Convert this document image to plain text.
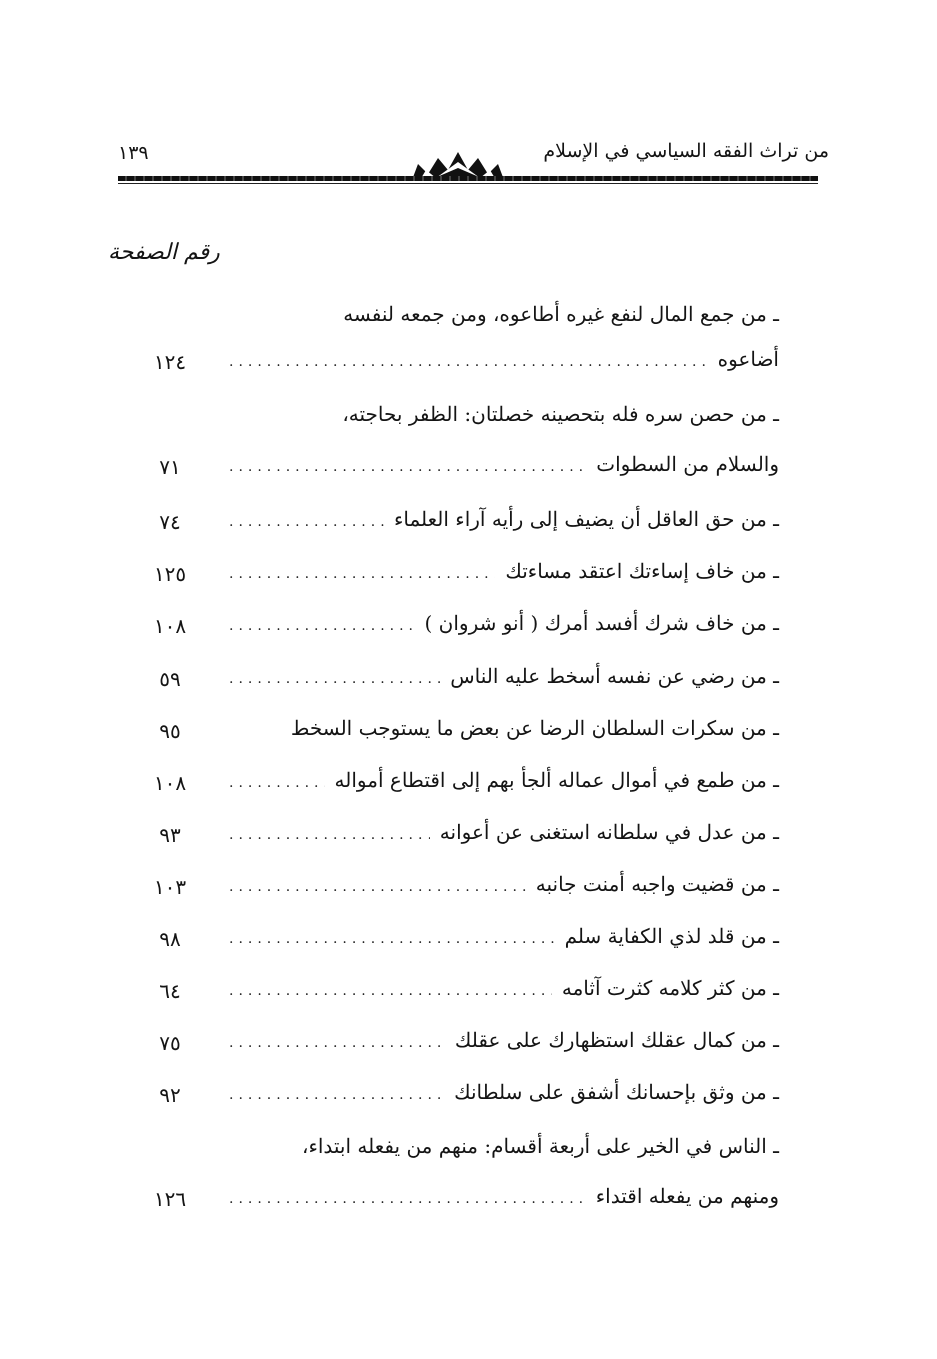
من تراث الفقه السياسي في الإسلام
١٣٩
رقم الصفحة
ـ من جمع المال لنفع غيره أطاعوه، ومن جمعه لنفسه
أضاعوه
.....
١٢٤
ـ من حصن سره فله بتحصينه خصلتان: الظفر بحاجته،
والسلام من السطوات
.....
٧١
ـ من حق العاقل أن يضيف إلى رأيه آراء العلماء
.....
٧٤
ـ من خاف إساءتك اعتقد مساءتك
.....
١٢٥
ـ من خاف شرك أفسد أمرك ( أنو شروان )
.....
١٠٨
ـ من رضي عن نفسه أسخط عليه الناس
.....
٥٩
ـ من سكرات السلطان الرضا عن بعض ما يستوجب السخط
٩٥
ـ من طمع في أموال عماله ألجأ بهم إلى اقتطاع أمواله
.....
١٠٨
ـ من عدل في سلطانه استغنى عن أعوانه
.....
٩٣
ـ من قضيت واجبه أمنت جانبه
.....
١٠٣
ـ من قلد لذي الكفاية سلم
.....
٩٨
ـ من كثر كلامه كثرت آثامه
.....
٦٤
ـ من كمال عقلك استظهارك على عقلك
.....
٧٥
ـ من وثق بإحسانك أشفق على سلطانك
.....
٩٢
ـ الناس في الخير على أربعة أقسام: منهم من يفعله ابتداء،
ومنهم من يفعله اقتداء
.....
١٢٦
